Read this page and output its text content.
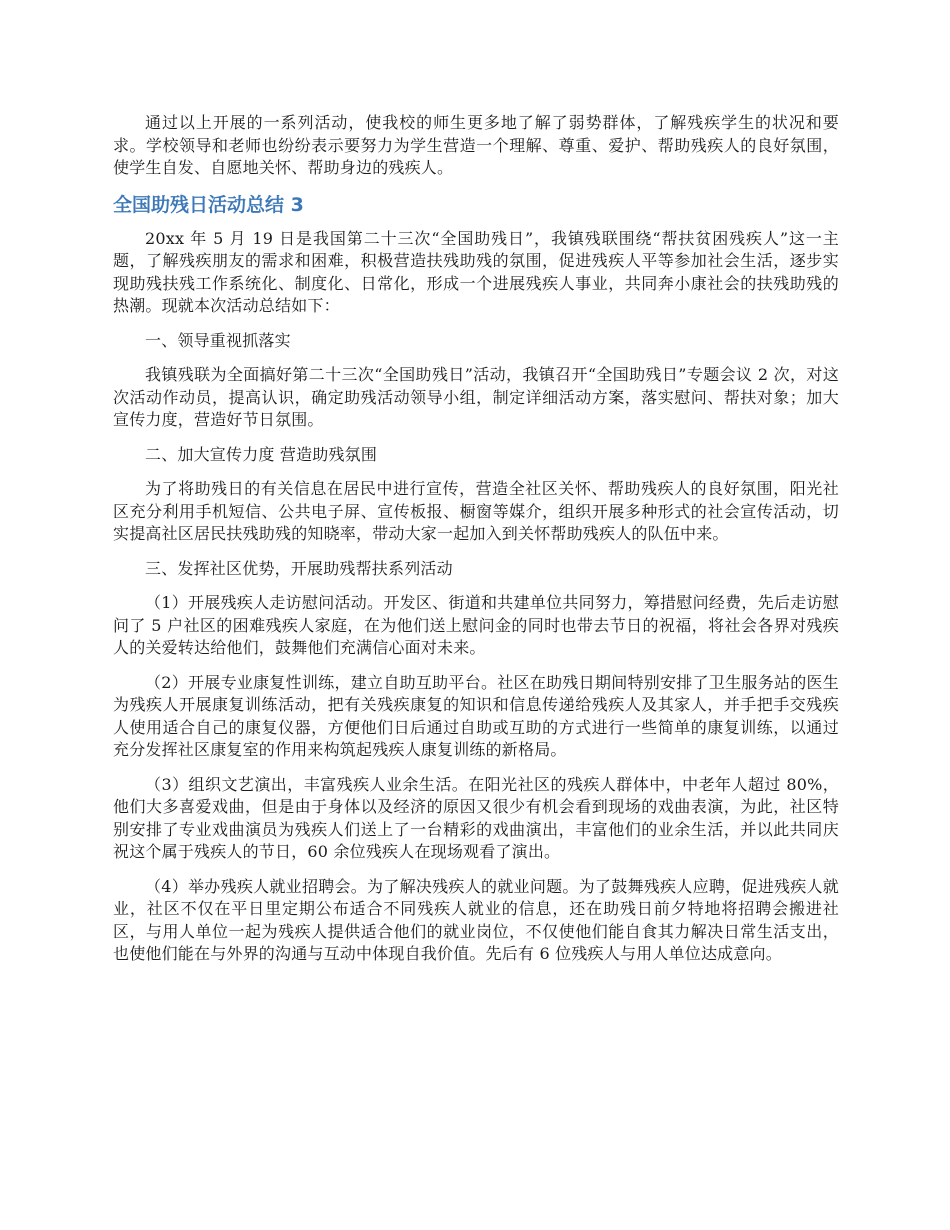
通过以上开展的一系列活动，使我校的师生更多地了解了弱势群体，了解残疾学生的状况和要求。学校领导和老师也纷纷表示要努力为学生营造一个理解、尊重、爱护、帮助残疾人的良好氛围，使学生自发、自愿地关怀、帮助身边的残疾人。

全国助残日活动总结 3

20xx 年 5 月 19 日是我国第二十三次“全国助残日”，我镇残联围绕“帮扶贫困残疾人”这一主题，了解残疾朋友的需求和困难，积极营造扶残助残的氛围，促进残疾人平等参加社会生活，逐步实现助残扶残工作系统化、制度化、日常化，形成一个进展残疾人事业，共同奔小康社会的扶残助残的热潮。现就本次活动总结如下：

一、领导重视抓落实

我镇残联为全面搞好第二十三次“全国助残日”活动，我镇召开“全国助残日”专题会议 2 次，对这次活动作动员，提高认识，确定助残活动领导小组，制定详细活动方案，落实慰问、帮扶对象；加大宣传力度，营造好节日氛围。

二、加大宣传力度 营造助残氛围

为了将助残日的有关信息在居民中进行宣传，营造全社区关怀、帮助残疾人的良好氛围，阳光社区充分利用手机短信、公共电子屏、宣传板报、橱窗等媒介，组织开展多种形式的社会宣传活动，切实提高社区居民扶残助残的知晓率，带动大家一起加入到关怀帮助残疾人的队伍中来。

三、发挥社区优势，开展助残帮扶系列活动

（1）开展残疾人走访慰问活动。开发区、街道和共建单位共同努力，筹措慰问经费，先后走访慰问了 5 户社区的困难残疾人家庭，在为他们送上慰问金的同时也带去节日的祝福，将社会各界对残疾人的关爱转达给他们，鼓舞他们充满信心面对未来。

（2）开展专业康复性训练，建立自助互助平台。社区在助残日期间特别安排了卫生服务站的医生为残疾人开展康复训练活动，把有关残疾康复的知识和信息传递给残疾人及其家人，并手把手交残疾人使用适合自己的康复仪器，方便他们日后通过自助或互助的方式进行一些简单的康复训练，以通过充分发挥社区康复室的作用来构筑起残疾人康复训练的新格局。

（3）组织文艺演出，丰富残疾人业余生活。在阳光社区的残疾人群体中，中老年人超过 80%，他们大多喜爱戏曲，但是由于身体以及经济的原因又很少有机会看到现场的戏曲表演，为此，社区特别安排了专业戏曲演员为残疾人们送上了一台精彩的戏曲演出，丰富他们的业余生活，并以此共同庆祝这个属于残疾人的节日，60 余位残疾人在现场观看了演出。

（4）举办残疾人就业招聘会。为了解决残疾人的就业问题。为了鼓舞残疾人应聘，促进残疾人就业，社区不仅在平日里定期公布适合不同残疾人就业的信息，还在助残日前夕特地将招聘会搬进社区，与用人单位一起为残疾人提供适合他们的就业岗位，不仅使他们能自食其力解决日常生活支出，也使他们能在与外界的沟通与互动中体现自我价值。先后有 6 位残疾人与用人单位达成意向。
